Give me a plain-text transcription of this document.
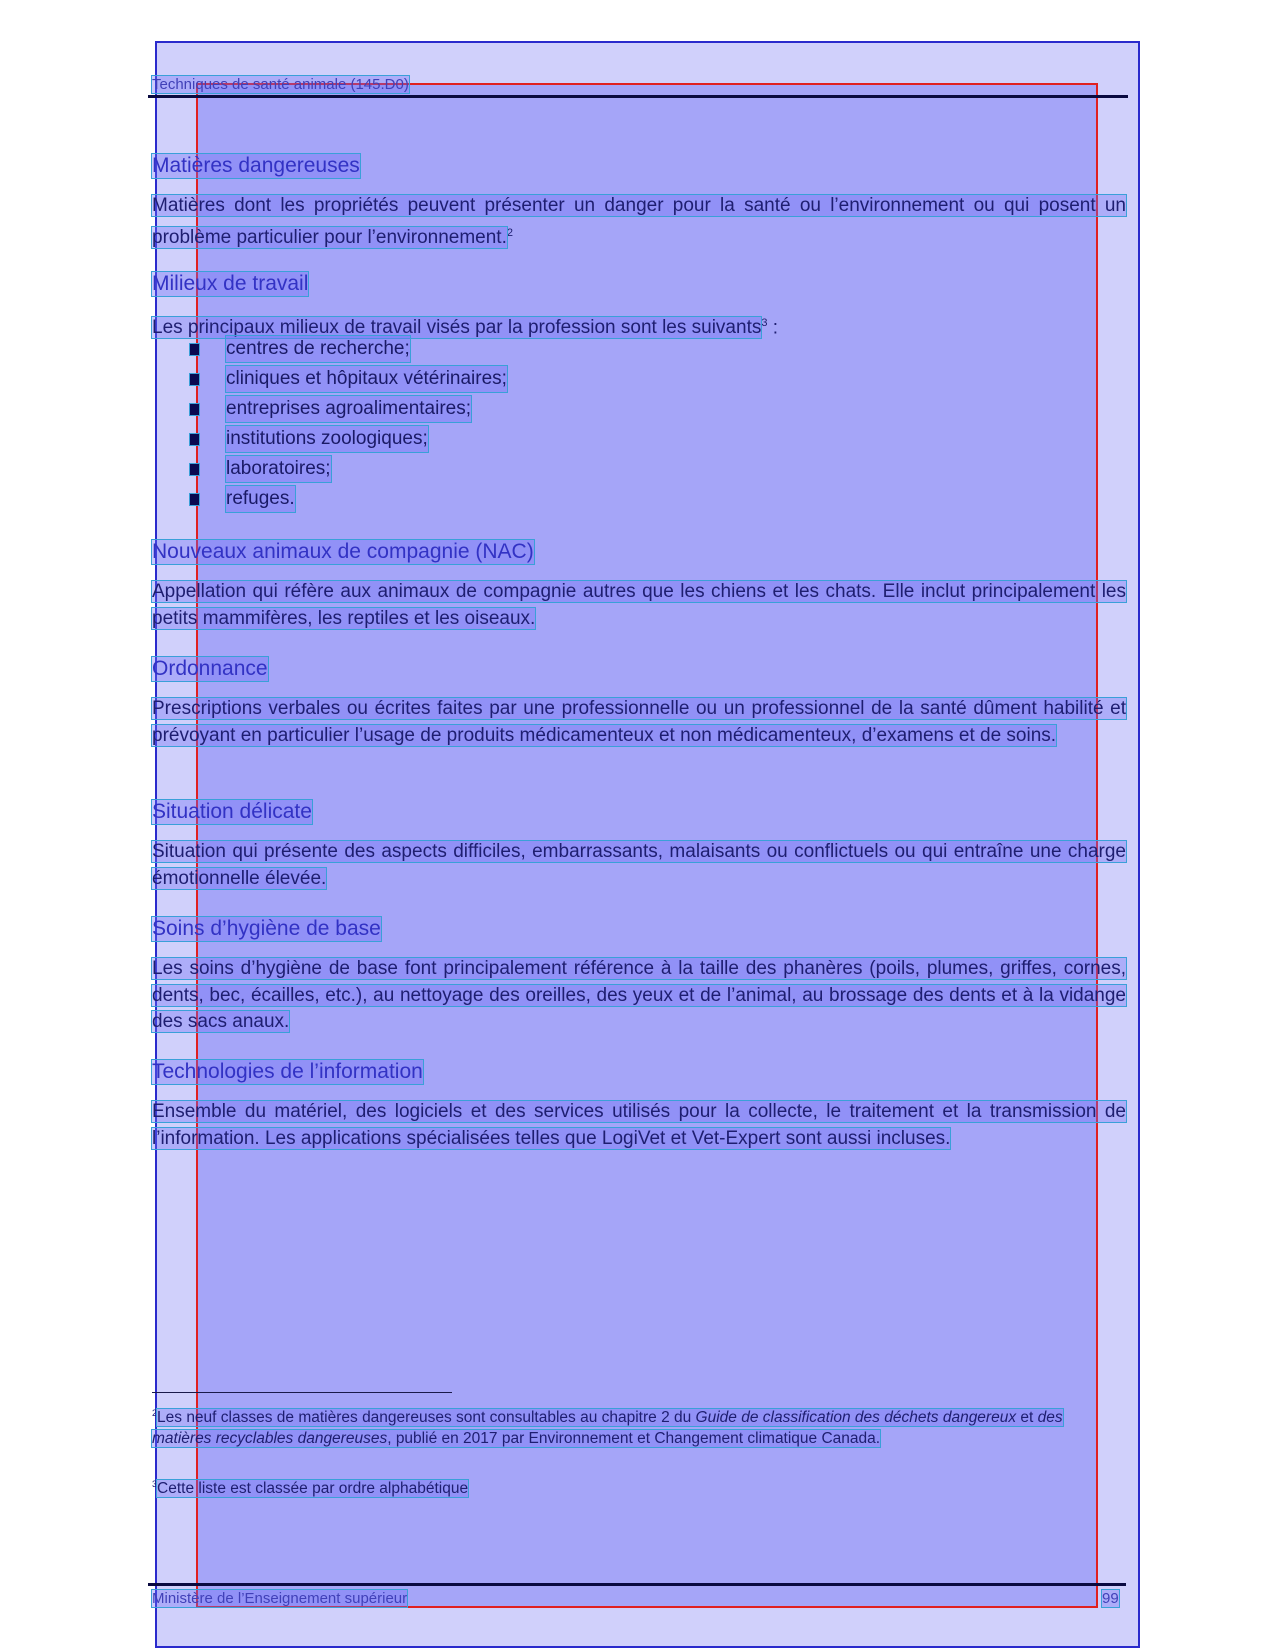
Techniques de santé animale (145.D0)
Matières dangereuses
Matières dont les propriétés peuvent présenter un danger pour la santé ou l’environnement ou qui posent un problème particulier pour l’environnement.$^2$
Milieux de travail
Les principaux milieux de travail visés par la profession sont les suivants$^3$ :
centres de recherche;
cliniques et hôpitaux vétérinaires;
entreprises agroalimentaires;
institutions zoologiques;
laboratoires;
refuges.
Nouveaux animaux de compagnie (NAC)
Appellation qui réfère aux animaux de compagnie autres que les chiens et les chats. Elle inclut principalement les petits mammifères, les reptiles et les oiseaux.
Ordonnance
Prescriptions verbales ou écrites faites par une professionnelle ou un professionnel de la santé dûment habilité et prévoyant en particulier l’usage de produits médicamenteux et non médicamenteux, d’examens et de soins.
Situation délicate
Situation qui présente des aspects difficiles, embarrassants, malaisants ou conflictuels ou qui entraîne une charge émotionnelle élevée.
Soins d’hygiène de base
Les soins d’hygiène de base font principalement référence à la taille des phanères (poils, plumes, griffes, cornes, dents, bec, écailles, etc.), au nettoyage des oreilles, des yeux et de l’animal, au brossage des dents et à la vidange des sacs anaux.
Technologies de l’information
Ensemble du matériel, des logiciels et des services utilisés pour la collecte, le traitement et la transmission de l’information. Les applications spécialisées telles que LogiVet et Vet-Expert sont aussi incluses.
$^2$Les neuf classes de matières dangereuses sont consultables au chapitre 2 du Guide de classification des déchets dangereux et des matières recyclables dangereuses, publié en 2017 par Environnement et Changement climatique Canada.
$^3$Cette liste est classée par ordre alphabétique
Ministère de l’Enseignement supérieur	99
